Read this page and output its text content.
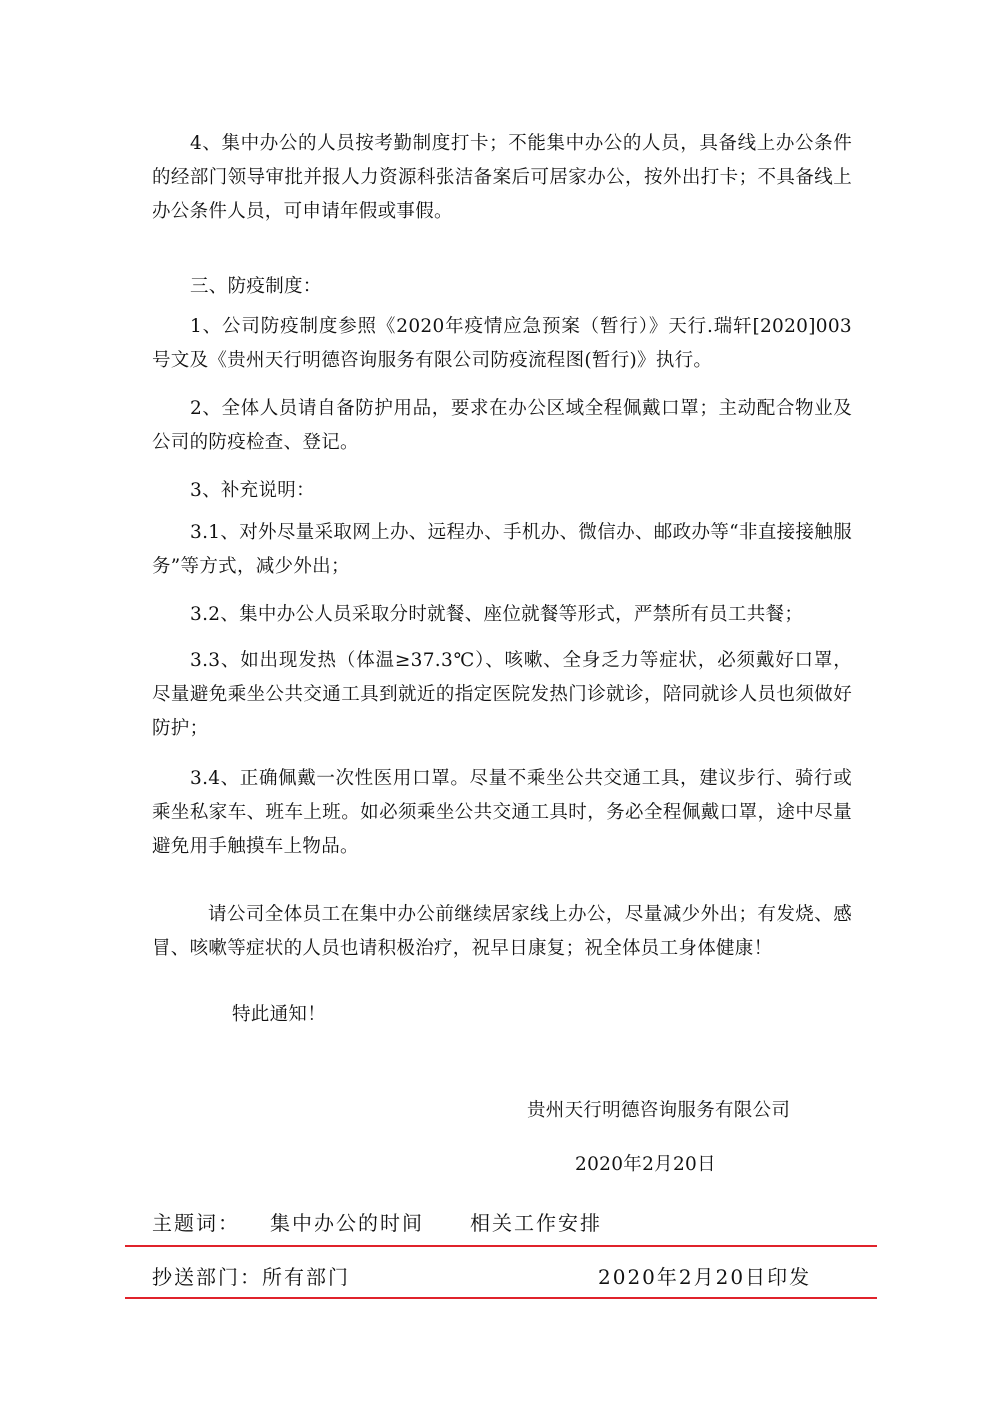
4、集中办公的人员按考勤制度打卡；不能集中办公的人员，具备线上办公条件的经部门领导审批并报人力资源科张洁备案后可居家办公，按外出打卡；不具备线上办公条件人员，可申请年假或事假。
三、防疫制度：
1、公司防疫制度参照《2020年疫情应急预案（暂行）》天行.瑞轩[2020]003号文及《贵州天行明德咨询服务有限公司防疫流程图(暂行)》执行。
2、全体人员请自备防护用品，要求在办公区域全程佩戴口罩；主动配合物业及公司的防疫检查、登记。
3、补充说明：
3.1、对外尽量采取网上办、远程办、手机办、微信办、邮政办等“非直接接触服务”等方式，减少外出；
3.2、集中办公人员采取分时就餐、座位就餐等形式，严禁所有员工共餐；
3.3、如出现发热（体温≥37.3℃）、咳嗽、全身乏力等症状，必须戴好口罩，尽量避免乘坐公共交通工具到就近的指定医院发热门诊就诊，陪同就诊人员也须做好防护；
3.4、正确佩戴一次性医用口罩。尽量不乘坐公共交通工具，建议步行、骑行或乘坐私家车、班车上班。如必须乘坐公共交通工具时，务必全程佩戴口罩，途中尽量避免用手触摸车上物品。
请公司全体员工在集中办公前继续居家线上办公，尽量减少外出；有发烧、感冒、咳嗽等症状的人员也请积极治疗，祝早日康复；祝全体员工身体健康！
特此通知！
贵州天行明德咨询服务有限公司
2020年2月20日
主题词： 集中办公的时间 相关工作安排
抄送部门：所有部门	2020年2月20日印发
